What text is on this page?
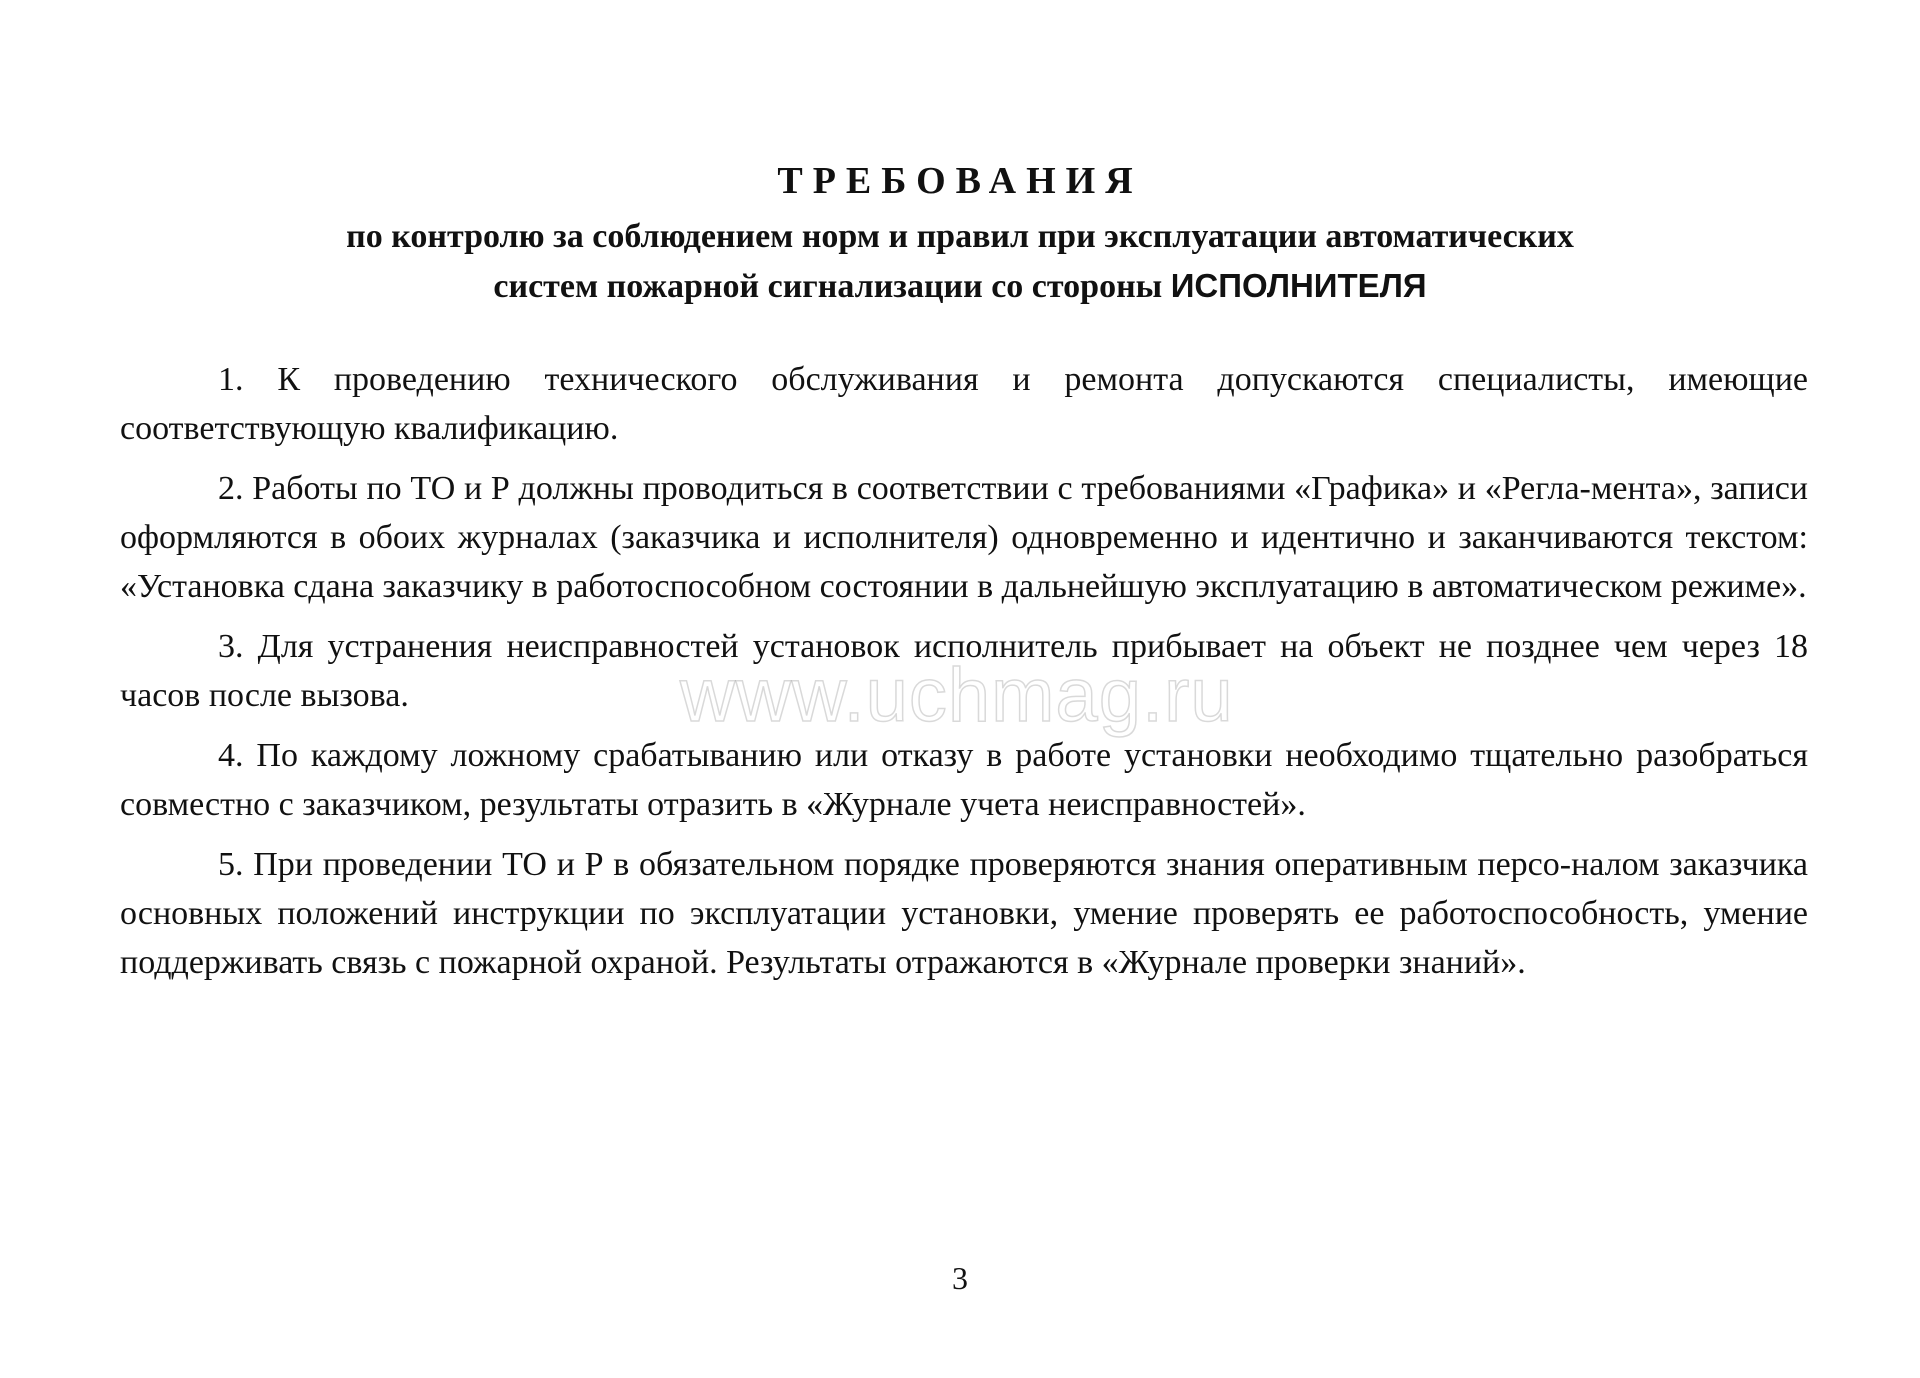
ТРЕБОВАНИЯ
по контролю за соблюдением норм и правил при эксплуатации автоматических
систем пожарной сигнализации со стороны ИСПОЛНИТЕЛЯ

1. К проведению технического обслуживания и ремонта допускаются специалисты, имеющие соответствующую квалификацию.

2. Работы по ТО и Р должны проводиться в соответствии с требованиями «Графика» и «Регла-мента», записи оформляются в обоих журналах (заказчика и исполнителя) одновременно и идентично и заканчиваются текстом: «Установка сдана заказчику в работоспособном состоянии в дальнейшую эксплуатацию в автоматическом режиме».

3. Для устранения неисправностей установок исполнитель прибывает на объект не позднее чем через 18 часов после вызова.

4. По каждому ложному срабатыванию или отказу в работе установки необходимо тщательно разобраться совместно с заказчиком, результаты отразить в «Журнале учета неисправностей».

5. При проведении ТО и Р в обязательном порядке проверяются знания оперативным персо-налом заказчика основных положений инструкции по эксплуатации установки, умение проверять ее работоспособность, умение поддерживать связь с пожарной охраной. Результаты отражаются в «Журнале проверки знаний».

www.uchmag.ru
3
